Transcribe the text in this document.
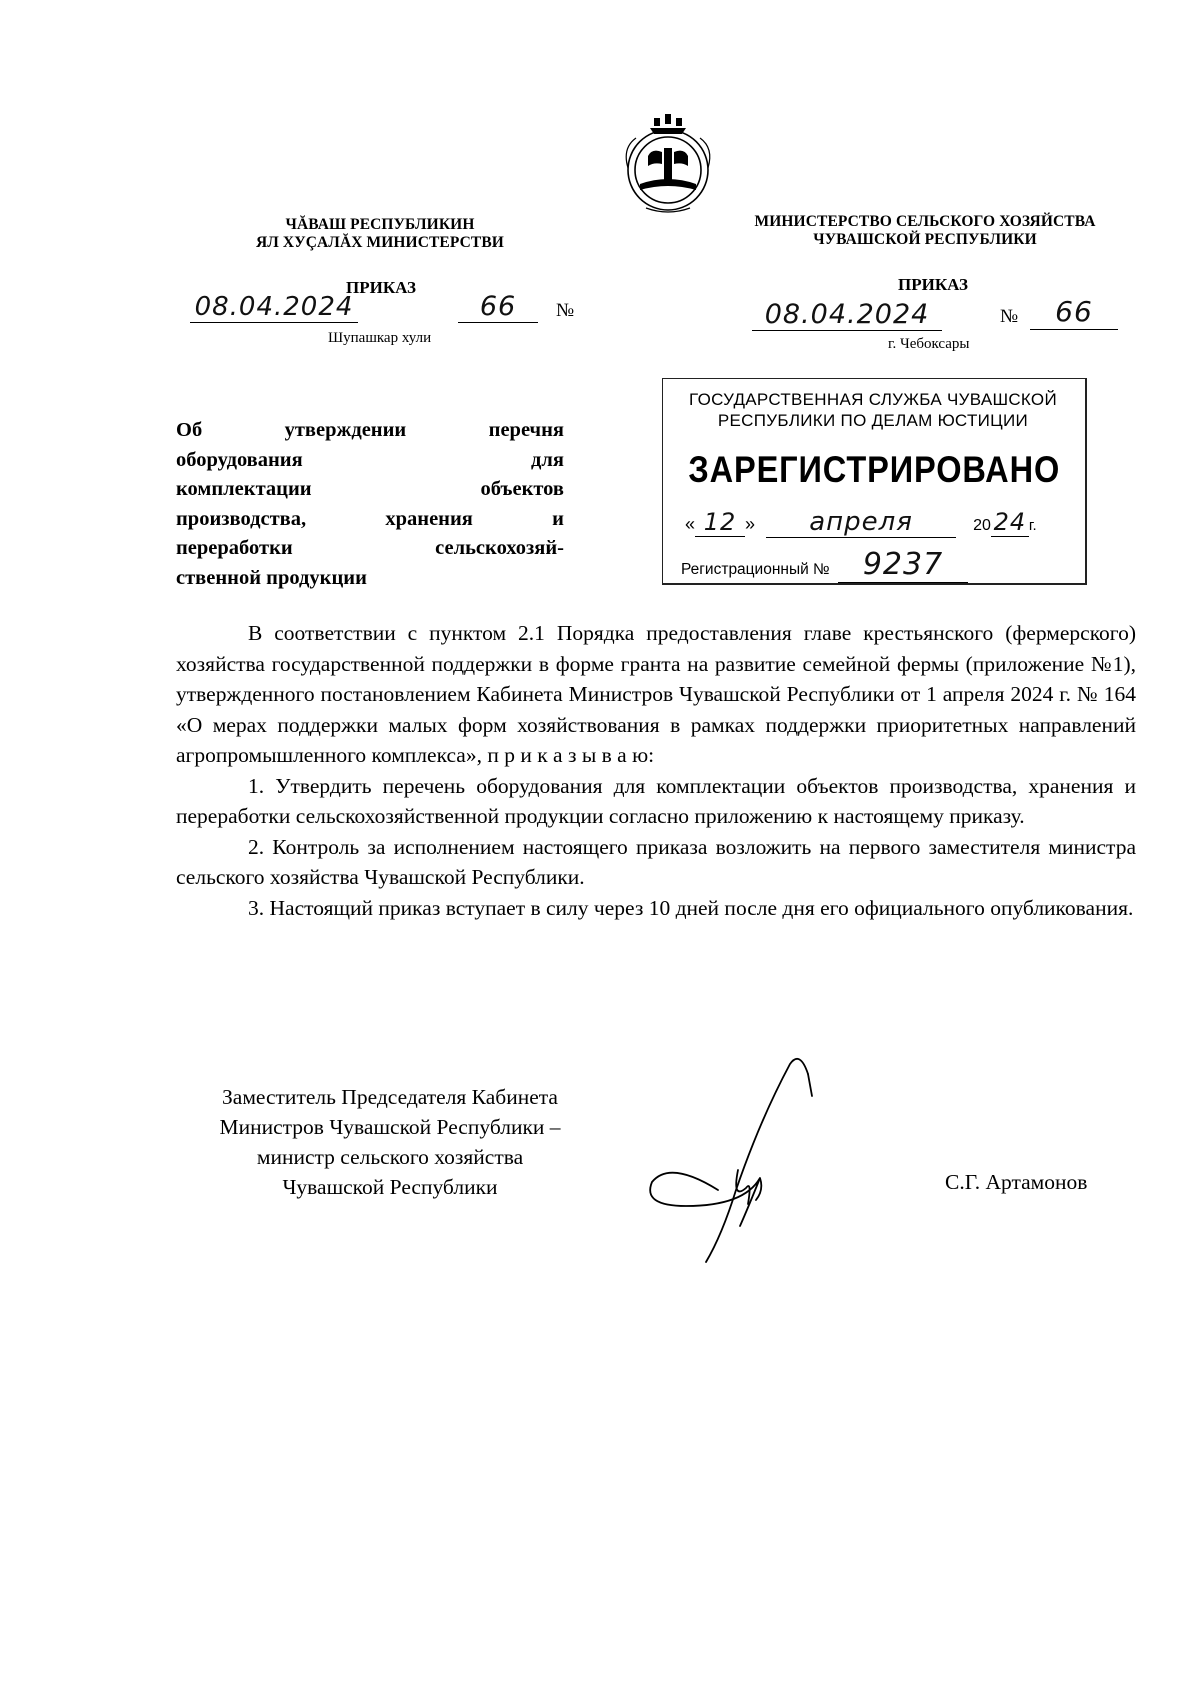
ЧĂВАШ РЕСПУБЛИКИН
ЯЛ ХУÇАЛĂХ МИНИСТЕРСТВИ
МИНИСТЕРСТВО СЕЛЬСКОГО ХОЗЯЙСТВА
ЧУВАШСКОЙ РЕСПУБЛИКИ
ПРИКАЗ
08.04.2024	66	№
Шупашкар хули
ПРИКАЗ
08.04.2024	№	66
г. Чебоксары
ГОСУДАРСТВЕННАЯ СЛУЖБА ЧУВАШСКОЙ
РЕСПУБЛИКИ ПО ДЕЛАМ ЮСТИЦИИ
ЗАРЕГИСТРИРОВАНО
« 12 » апреля	20 24 г.
Регистрационный № 9237
Об утверждении перечня
оборудования для
комплектации объектов
производства, хранения и
переработки сельскохозяй-
ственной продукции

В соответствии с пунктом 2.1 Порядка предоставления главе крестьянского (фермерского) хозяйства государственной поддержки в форме гранта на развитие семейной фермы (приложение №1), утвержденного постановлением Кабинета Министров Чувашской Республики от 1 апреля 2024 г. № 164 «О мерах поддержки малых форм хозяйствования в рамках поддержки приоритетных направлений агропромышленного комплекса», п р и к а з ы в а ю:

1. Утвердить перечень оборудования для комплектации объектов производства, хранения и переработки сельскохозяйственной продукции согласно приложению к настоящему приказу.

2. Контроль за исполнением настоящего приказа возложить на первого заместителя министра сельского хозяйства Чувашской Республики.

3. Настоящий приказ вступает в силу через 10 дней после дня его официального опубликования.

Заместитель Председателя Кабинета
Министров Чувашской Республики –
министр сельского хозяйства
Чувашской Республики	С.Г. Артамонов
